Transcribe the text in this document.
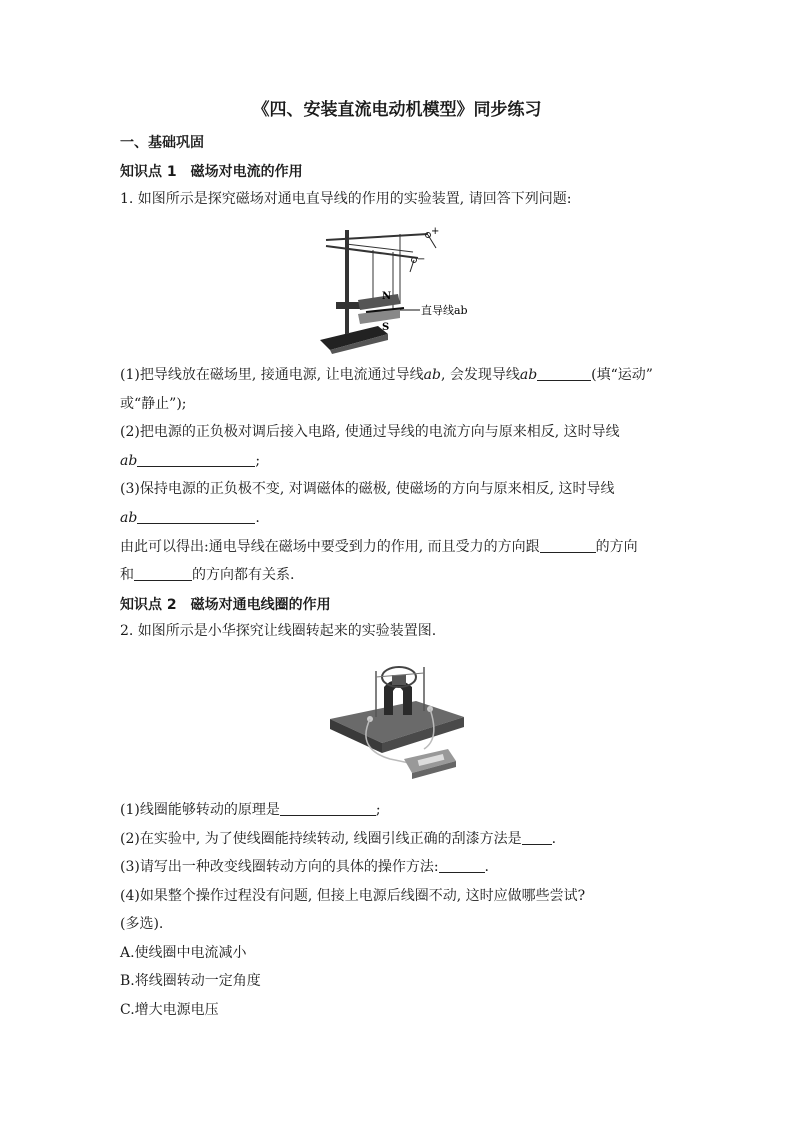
《四、安装直流电动机模型》同步练习
一、基础巩固
知识点 1　磁场对电流的作用
1. 如图所示是探究磁场对通电直导线的作用的实验装置, 请回答下列问题:
+
−
N
S
直导线ab
(1)把导线放在磁场里, 接通电源, 让电流通过导线ab, 会发现导线ab	(填“运动”
或“静止”);
(2)把电源的正负极对调后接入电路, 使通过导线的电流方向与原来相反, 这时导线
ab	;
(3)保持电源的正负极不变, 对调磁体的磁极, 使磁场的方向与原来相反, 这时导线
ab	.
由此可以得出:通电导线在磁场中要受到力的作用, 而且受力的方向跟	的方向
和	的方向都有关系.
知识点 2　磁场对通电线圈的作用
2. 如图所示是小华探究让线圈转起来的实验装置图.
(1)线圈能够转动的原理是	;
(2)在实验中, 为了使线圈能持续转动, 线圈引线正确的刮漆方法是 .
(3)请写出一种改变线圈转动方向的具体的操作方法:	.
(4)如果整个操作过程没有问题, 但接上电源后线圈不动, 这时应做哪些尝试?
(多选).
A.使线圈中电流减小
B.将线圈转动一定角度
C.增大电源电压
